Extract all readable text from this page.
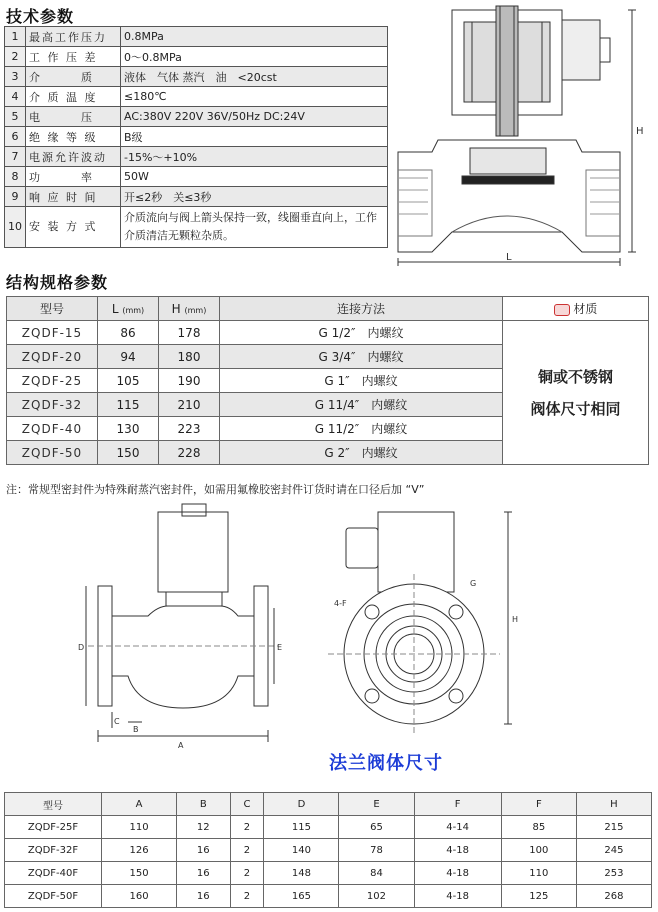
技术参数
1	最高工作压力	0.8MPa
2	工 作 压 差	0～0.8MPa
3	介　　　质	液体　气体 蒸汽　油　<20cst
4	介 质 温 度	≤180℃
5	电　　　压	AC:380V 220V 36V/50Hz DC:24V
6	绝 缘 等 级	B级
7	电源允许波动	-15%～+10%
8	功　　　率	50W
9	响 应 时 间	开≤2秒　关≤3秒
10	安 装 方 式	介质流向与阀上箭头保持一致，线圈垂直向上，工作介质清洁无颗粒杂质。
H
L
结构规格参数
型号	L (mm)	H (mm)	连接方法	材质
ZQDF-15	86	178	G 1/2″　内螺纹	铜或不锈钢
阀体尺寸相同

ZQDF-20	94	180	G 3/4″　内螺纹	
ZQDF-25	105	190	G 1″　内螺纹	
ZQDF-32	115	210	G 11/4″　内螺纹	
ZQDF-40	130	223	G 11/2″　内螺纹	
ZQDF-50	150	228	G 2″　内螺纹	
注：常规型密封件为特殊耐蒸汽密封件，如需用氟橡胶密封件订货时请在口径后加 “V”
A
B
C
D	E
4-F
G
H
法兰阀体尺寸
型号	A	B	C	D	E	F	F	H
ZQDF-25F	110	12	2	115	65	4-14	85	215
ZQDF-32F	126	16	2	140	78	4-18	100	245
ZQDF-40F	150	16	2	148	84	4-18	110	253
ZQDF-50F	160	16	2	165	102	4-18	125	268
